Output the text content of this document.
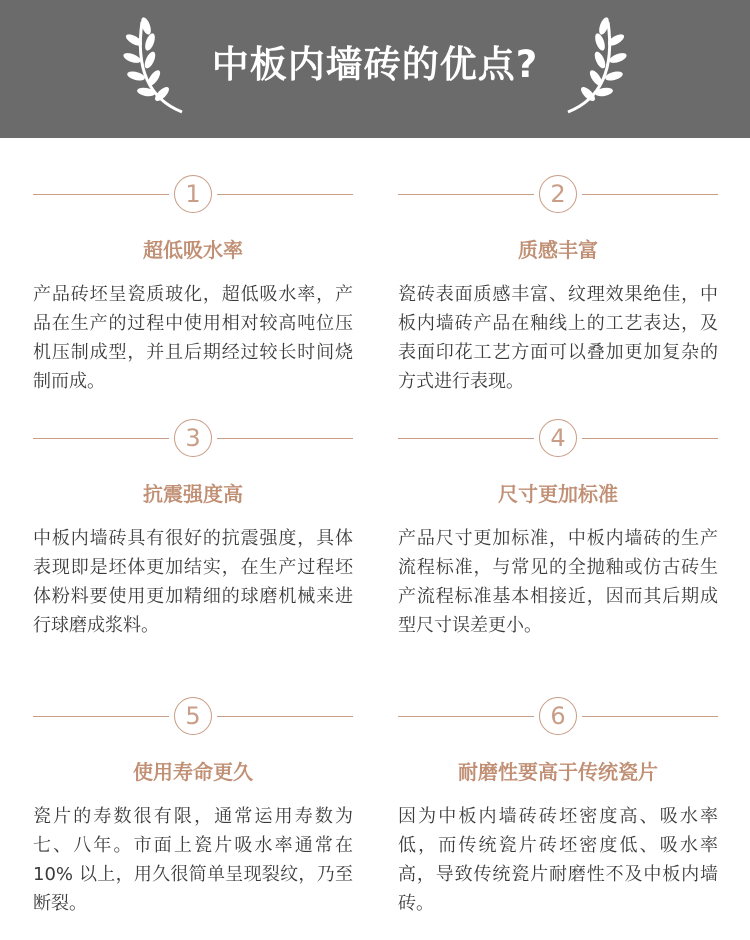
中板内墙砖的优点?
1
超低吸水率
产品砖坯呈瓷质玻化，超低吸水率，产品在生产的过程中使用相对较高吨位压机压制成型，并且后期经过较长时间烧制而成。
2
质感丰富
瓷砖表面质感丰富、纹理效果绝佳，中板内墙砖产品在釉线上的工艺表达，及表面印花工艺方面可以叠加更加复杂的方式进行表现。
3
抗震强度高
中板内墙砖具有很好的抗震强度，具体表现即是坯体更加结实，在生产过程坯体粉料要使用更加精细的球磨机械来进行球磨成浆料。
4
尺寸更加标准
产品尺寸更加标准，中板内墙砖的生产流程标准，与常见的全抛釉或仿古砖生产流程标准基本相接近，因而其后期成型尺寸误差更小。
5
使用寿命更久
瓷片的寿数很有限，通常运用寿数为七、八年。市面上瓷片吸水率通常在 10% 以上，用久很简单呈现裂纹，乃至断裂。
6
耐磨性要高于传统瓷片
因为中板内墙砖砖坯密度高、吸水率低，而传统瓷片砖坯密度低、吸水率高，导致传统瓷片耐磨性不及中板内墙砖。
